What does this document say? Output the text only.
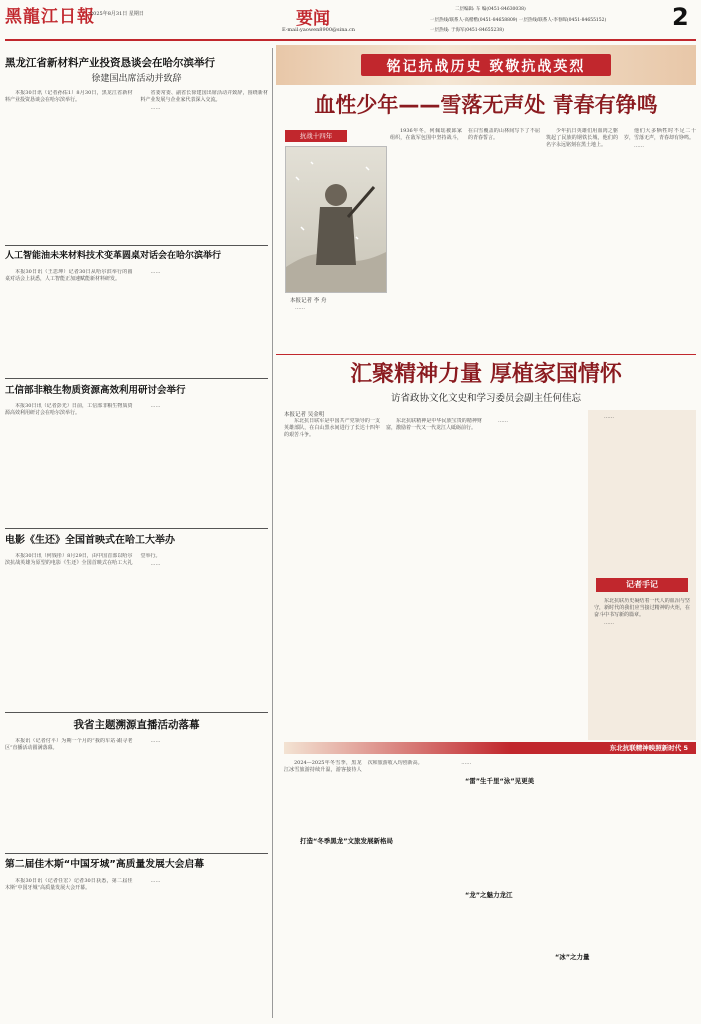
黑龍江日報
2025年8月31日 星期日	要闻
E-mail:yaowen8900@sina.cn
二层编辑: 车 编(0451-84630038)
一层热线/联系人-高楷楷(0451-84658809) 一层热线/联系人-李春晖(0451-84655152)
一层热线: 于海军(0451-84655238)	2
黑龙江省新材料产业投资恳谈会在哈尔滨举行
徐建国出席活动并致辞

本报30日讯（记者孙佑1）8月30日，黑龙江省新材料产业投资恳谈会在哈尔滨举行。

省委常委、副省长徐建国出席活动并致辞，围绕新材料产业发展与企业家代表深入交流。

……

人工智能油未来材料技术变革圆桌对话会在哈尔滨举行

本报30日讯（王思坤）记者30日从哈尔滨举行的圆桌对话会上获悉，人工智能正加速赋能新材料研发。

……

工信部非粮生物质资源高效利用研讨会举行

本报30日讯（记者彭光）日前，工信部非粮生物质资源高效利用研讨会在哈尔滨举行。

……

电影《生还》全国首映式在哈工大举办

本报30日讯（何钱彤）8月29日，由中国首部以哈尔滨抗战英雄为原型的电影《生还》全国首映式在哈工大礼堂举行。

……

我省主题溯源直播活动落幕

本报讯（记者付平）为期一个月的“我的车站·跟寻老区”直播活动圆满落幕。

……

第二届佳木斯“中国牙城”高质量发展大会启幕

本报30日讯（记者任宏）记者30日获悉，第二届佳木斯“中国牙城”高质量发展大会开幕。

……

铭记抗战历史 致敬抗战英烈
血性少年——雪落无声处 青春有铮鸣
抗战十四年
本报记者 李 舟

1936年冬，何佩瑶被邱家组织，在敌军包围中坚持战斗，在白雪覆盖的山林间写下了不屈的青春誓言。

少年抗日英雄们用血肉之躯筑起了民族的钢铁长城，他们的名字永远铭刻在黑土地上。

他们大多牺牲时不足二十岁，雪落无声，青春却有铮鸣。

……

……

汇聚精神力量 厚植家国情怀
访省政协文化文史和学习委员会副主任何佳忘
本报记者 吴金明

东北抗日联军是中国共产党领导的一支英雄部队，在白山黑水间进行了长达十四年的艰苦斗争。

东北抗联精神是中华民族宝贵的精神财富，激励着一代又一代龙江人砥砺前行。

……

记者手记

东北抗联历史凝结着一代人的血泪与坚守，新时代的我们应当接过精神的火炬，在奋斗中书写新的篇章。

……

……

东北抗联精神映照新时代 5

2024—2025年冬雪季，黑龙江冰雪旅游持续升温，游客接待人次和旅游收入均创新高。	……

打造“冬季黑龙”文旅发展新格局
“雷”生千里“泳”见更美
“龙”之魅力龙江
“冰”之力量
